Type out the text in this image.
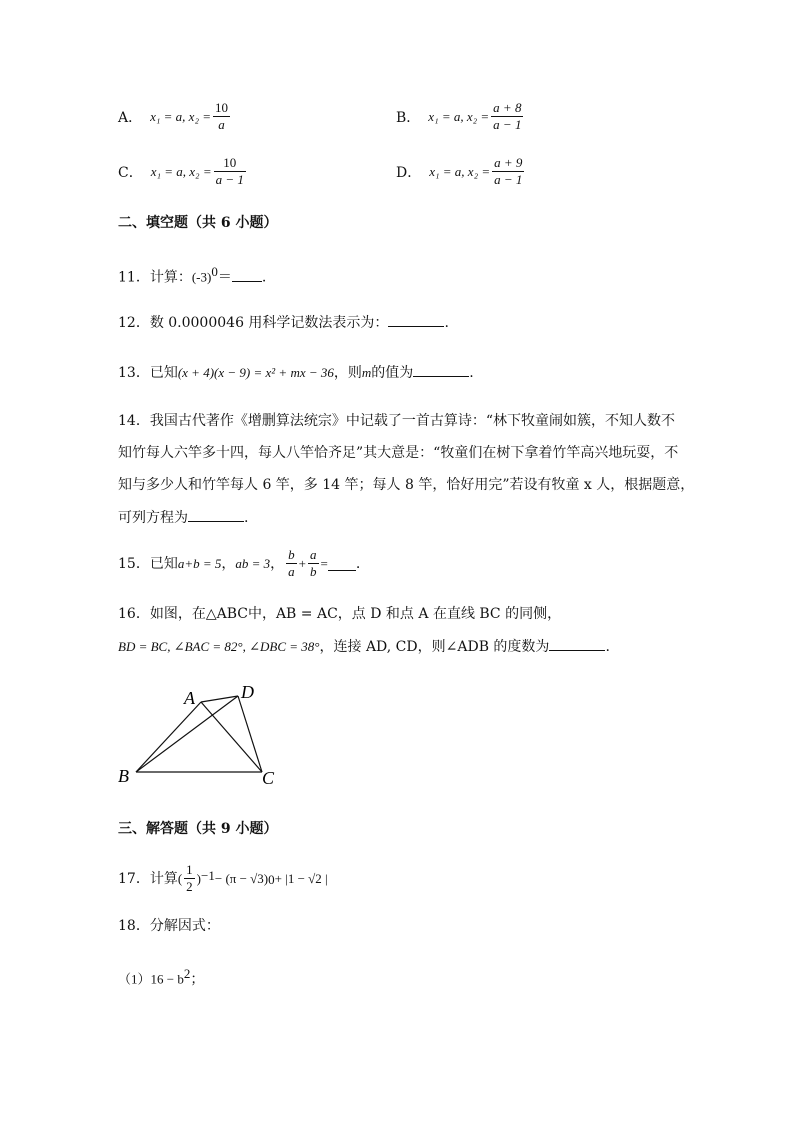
A． x₁ = a, $x_2 = \frac{10}{a}$	B． x₁ = a, $x_2 = \frac{a + 8}{a - 1}$
C． x₁ = a, $x_2 = \frac{10}{a - 1}$	D． x₁ = a, $x_2 = \frac{a + 9}{a - 1}$
二、填空题（共 6 小题）
11．计算：$(-3)^0=$ .
12．数 0.0000046 用科学记数法表示为：	.
13．已知(x + 4)(x − 9) = x² + mx − 36，则m的值为	.
14．我国古代著作《增删算法统宗》中记载了一首古算诗：“林下牧童闹如簇，不知人数不
知竹每人六竿多十四，每人八竿恰齐足”其大意是：“牧童们在树下拿着竹竿高兴地玩耍，不
知与多少人和竹竿每人 6 竿，多 14 竿；每人 8 竿，恰好用完”若设有牧童 x 人，根据题意，
可列方程为	.
15．已知 a+b = 5 ， ab = 3 ， $\frac{b}{a} + \frac{a}{b}$ = .
16．如图，在△ABC中，AB = AC，点 D 和点 A 在直线 BC 的同侧，
BD = BC, ∠BAC = 82°, ∠DBC = 38°，连接 AD, CD，则∠ADB 的度数为	.
A	D
B	C
三、解答题（共 9 小题）
17．计算 ( $\frac{1}{2}$ ) −1 − (π − √3) 0 + |1 − √2 |
18．分解因式：
$(1)16 - b^2$；
